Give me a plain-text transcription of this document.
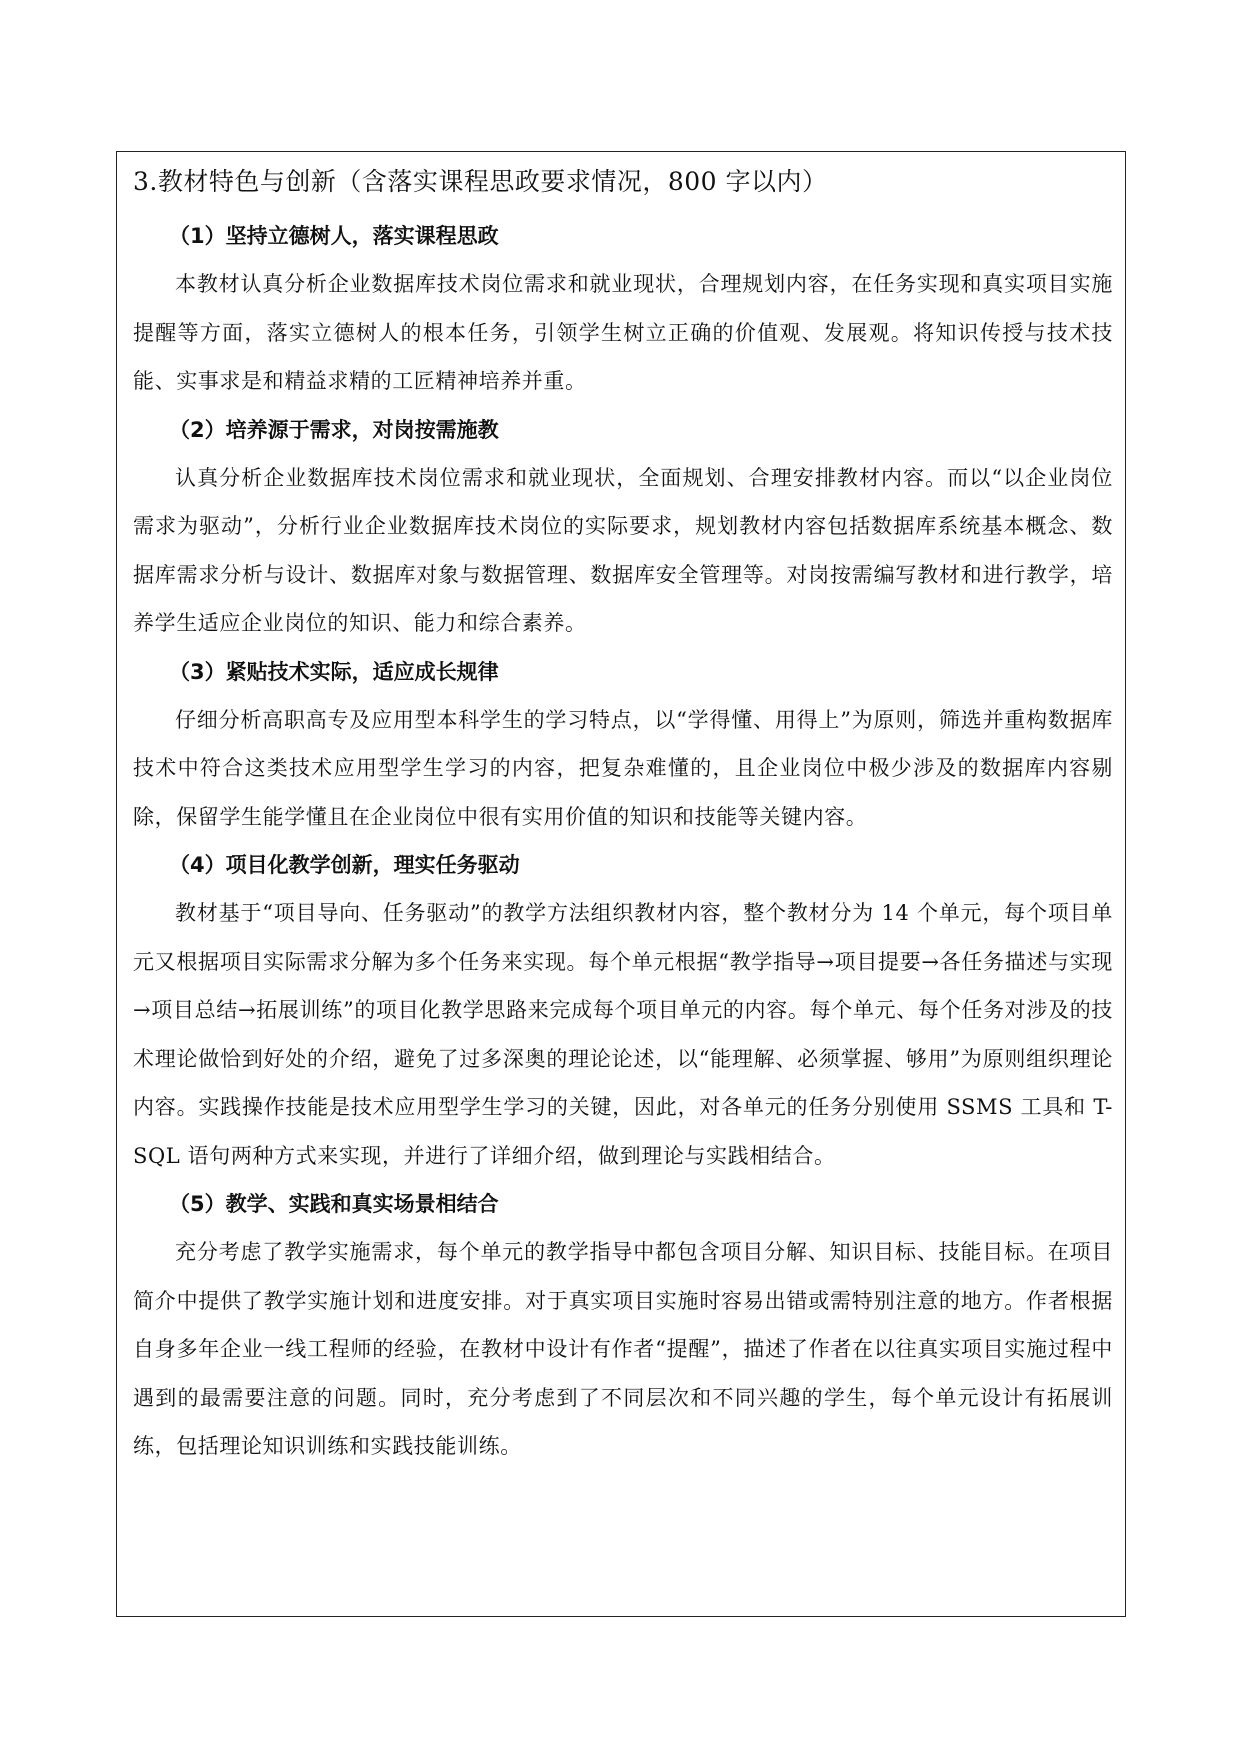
3.教材特色与创新（含落实课程思政要求情况，800 字以内）
（1）坚持立德树人，落实课程思政

本教材认真分析企业数据库技术岗位需求和就业现状，合理规划内容，在任务实现和真实项目实施提醒等方面，落实立德树人的根本任务，引领学生树立正确的价值观、发展观。将知识传授与技术技能、实事求是和精益求精的工匠精神培养并重。

（2）培养源于需求，对岗按需施教

认真分析企业数据库技术岗位需求和就业现状，全面规划、合理安排教材内容。而以“以企业岗位需求为驱动”，分析行业企业数据库技术岗位的实际要求，规划教材内容包括数据库系统基本概念、数据库需求分析与设计、数据库对象与数据管理、数据库安全管理等。对岗按需编写教材和进行教学，培养学生适应企业岗位的知识、能力和综合素养。

（3）紧贴技术实际，适应成长规律

仔细分析高职高专及应用型本科学生的学习特点，以“学得懂、用得上”为原则，筛选并重构数据库技术中符合这类技术应用型学生学习的内容，把复杂难懂的，且企业岗位中极少涉及的数据库内容剔除，保留学生能学懂且在企业岗位中很有实用价值的知识和技能等关键内容。

（4）项目化教学创新，理实任务驱动

教材基于“项目导向、任务驱动”的教学方法组织教材内容，整个教材分为 14 个单元，每个项目单元又根据项目实际需求分解为多个任务来实现。每个单元根据“教学指导→项目提要→各任务描述与实现→项目总结→拓展训练”的项目化教学思路来完成每个项目单元的内容。每个单元、每个任务对涉及的技术理论做恰到好处的介绍，避免了过多深奥的理论论述，以“能理解、必须掌握、够用”为原则组织理论内容。实践操作技能是技术应用型学生学习的关键，因此，对各单元的任务分别使用 SSMS 工具和 T-SQL 语句两种方式来实现，并进行了详细介绍，做到理论与实践相结合。

（5）教学、实践和真实场景相结合

充分考虑了教学实施需求，每个单元的教学指导中都包含项目分解、知识目标、技能目标。在项目简介中提供了教学实施计划和进度安排。对于真实项目实施时容易出错或需特别注意的地方。作者根据自身多年企业一线工程师的经验，在教材中设计有作者“提醒”，描述了作者在以往真实项目实施过程中遇到的最需要注意的问题。同时，充分考虑到了不同层次和不同兴趣的学生，每个单元设计有拓展训练，包括理论知识训练和实践技能训练。
